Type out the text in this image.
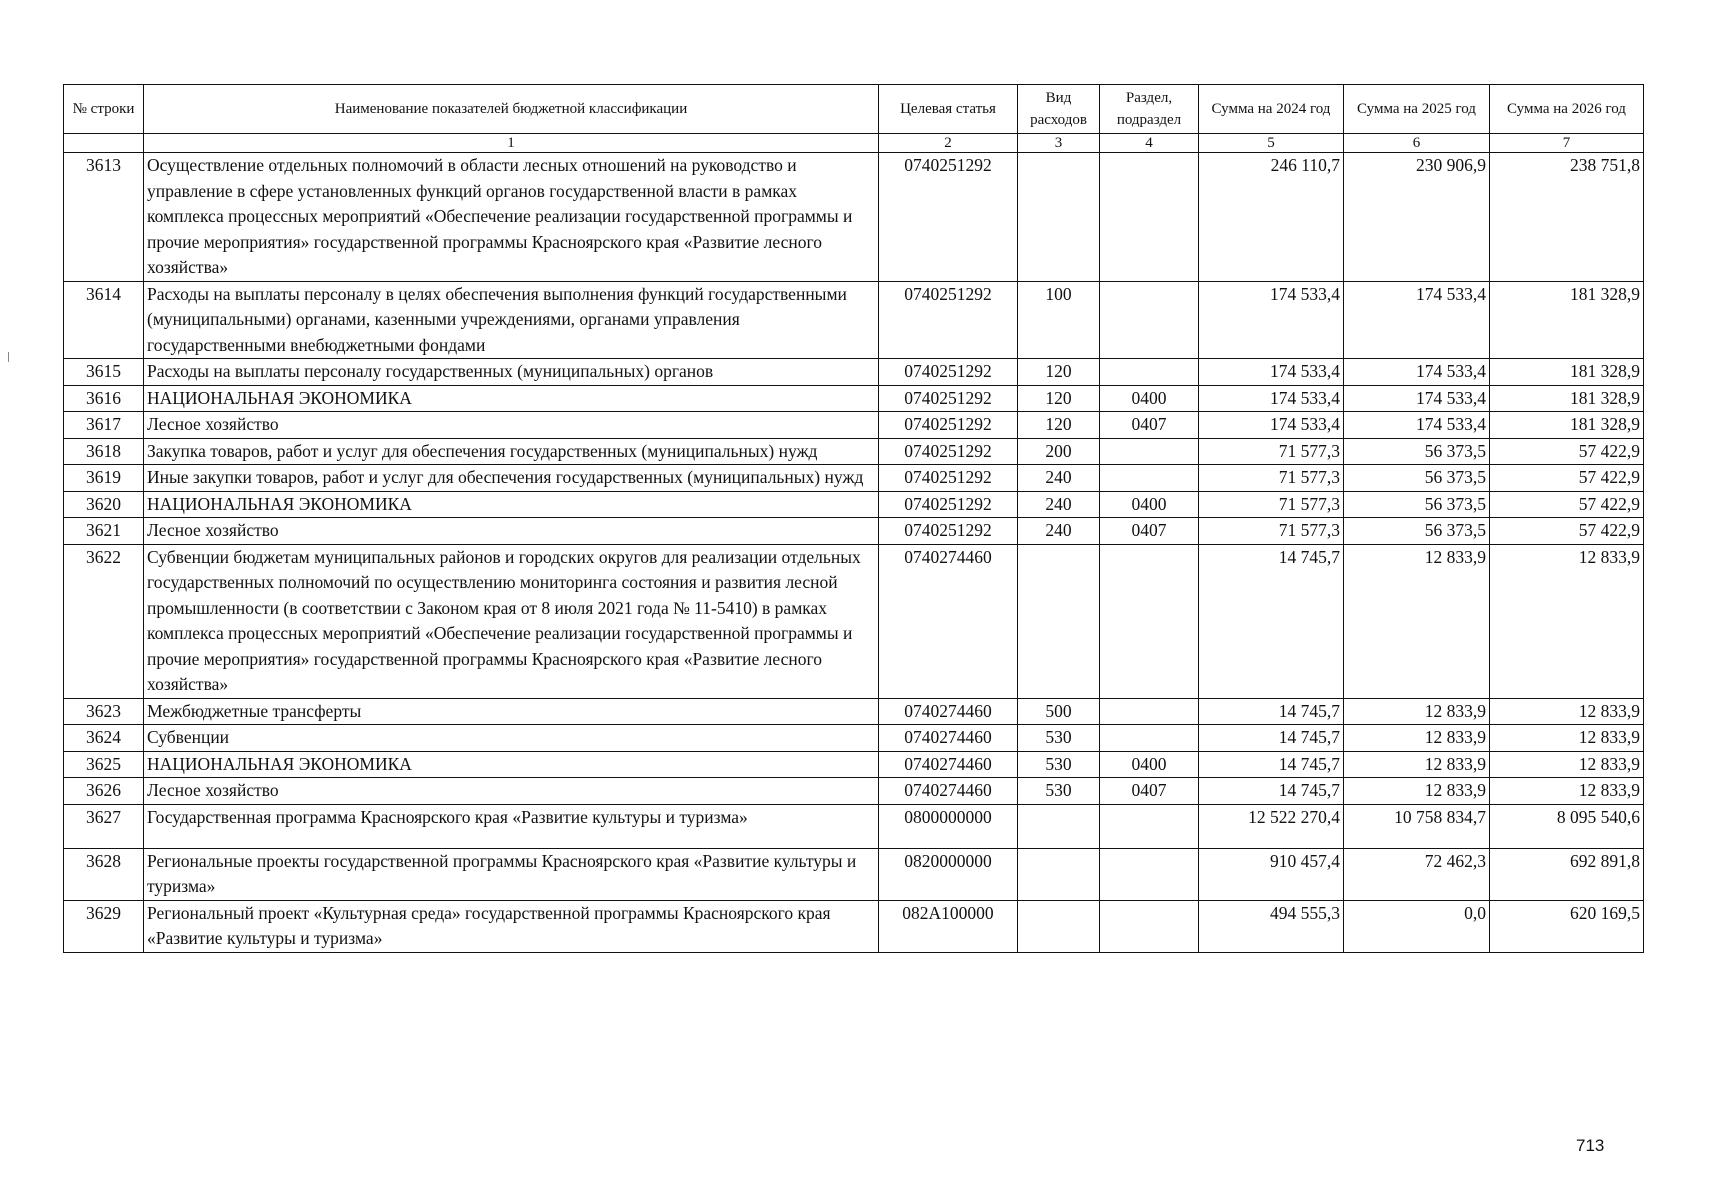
№ строки	Наименование показателей бюджетной классификации	Целевая статья	Вид расходов	Раздел, подраздел	Сумма на 2024 год	Сумма на 2025 год	Сумма на 2026 год
	1	2	3	4	5	6	7
3613	Осуществление отдельных полномочий в области лесных отношений на руководство и управление в сфере установленных функций органов государственной власти в рамках комплекса процессных мероприятий «Обеспечение реализации государственной программы и прочие мероприятия» государственной программы Красноярского края «Развитие лесного хозяйства»	0740251292			246 110,7	230 906,9	238 751,8
3614	Расходы на выплаты персоналу в целях обеспечения выполнения функций государственными (муниципальными) органами, казенными учреждениями, органами управления государственными внебюджетными фондами	0740251292	100		174 533,4	174 533,4	181 328,9
3615	Расходы на выплаты персоналу государственных (муниципальных) органов	0740251292	120		174 533,4	174 533,4	181 328,9
3616	НАЦИОНАЛЬНАЯ ЭКОНОМИКА	0740251292	120	0400	174 533,4	174 533,4	181 328,9
3617	Лесное хозяйство	0740251292	120	0407	174 533,4	174 533,4	181 328,9
3618	Закупка товаров, работ и услуг для обеспечения государственных (муниципальных) нужд	0740251292	200		71 577,3	56 373,5	57 422,9
3619	Иные закупки товаров, работ и услуг для обеспечения государственных (муниципальных) нужд	0740251292	240		71 577,3	56 373,5	57 422,9
3620	НАЦИОНАЛЬНАЯ ЭКОНОМИКА	0740251292	240	0400	71 577,3	56 373,5	57 422,9
3621	Лесное хозяйство	0740251292	240	0407	71 577,3	56 373,5	57 422,9
3622	Субвенции бюджетам муниципальных районов и городских округов для реализации отдельных государственных полномочий по осуществлению мониторинга состояния и развития лесной промышленности (в соответствии с Законом края от 8 июля 2021 года № 11-5410) в рамках комплекса процессных мероприятий «Обеспечение реализации государственной программы и прочие мероприятия» государственной программы Красноярского края «Развитие лесного хозяйства»	0740274460			14 745,7	12 833,9	12 833,9
3623	Межбюджетные трансферты	0740274460	500		14 745,7	12 833,9	12 833,9
3624	Субвенции	0740274460	530		14 745,7	12 833,9	12 833,9
3625	НАЦИОНАЛЬНАЯ ЭКОНОМИКА	0740274460	530	0400	14 745,7	12 833,9	12 833,9
3626	Лесное хозяйство	0740274460	530	0407	14 745,7	12 833,9	12 833,9
3627	Государственная программа Красноярского края «Развитие культуры и туризма»	0800000000			12 522 270,4	10 758 834,7	8 095 540,6
3628	Региональные проекты государственной программы Красноярского края «Развитие культуры и туризма»	0820000000			910 457,4	72 462,3	692 891,8
3629	Региональный проект «Культурная среда» государственной программы Красноярского края «Развитие культуры и туризма»	082A100000			494 555,3	0,0	620 169,5
713
